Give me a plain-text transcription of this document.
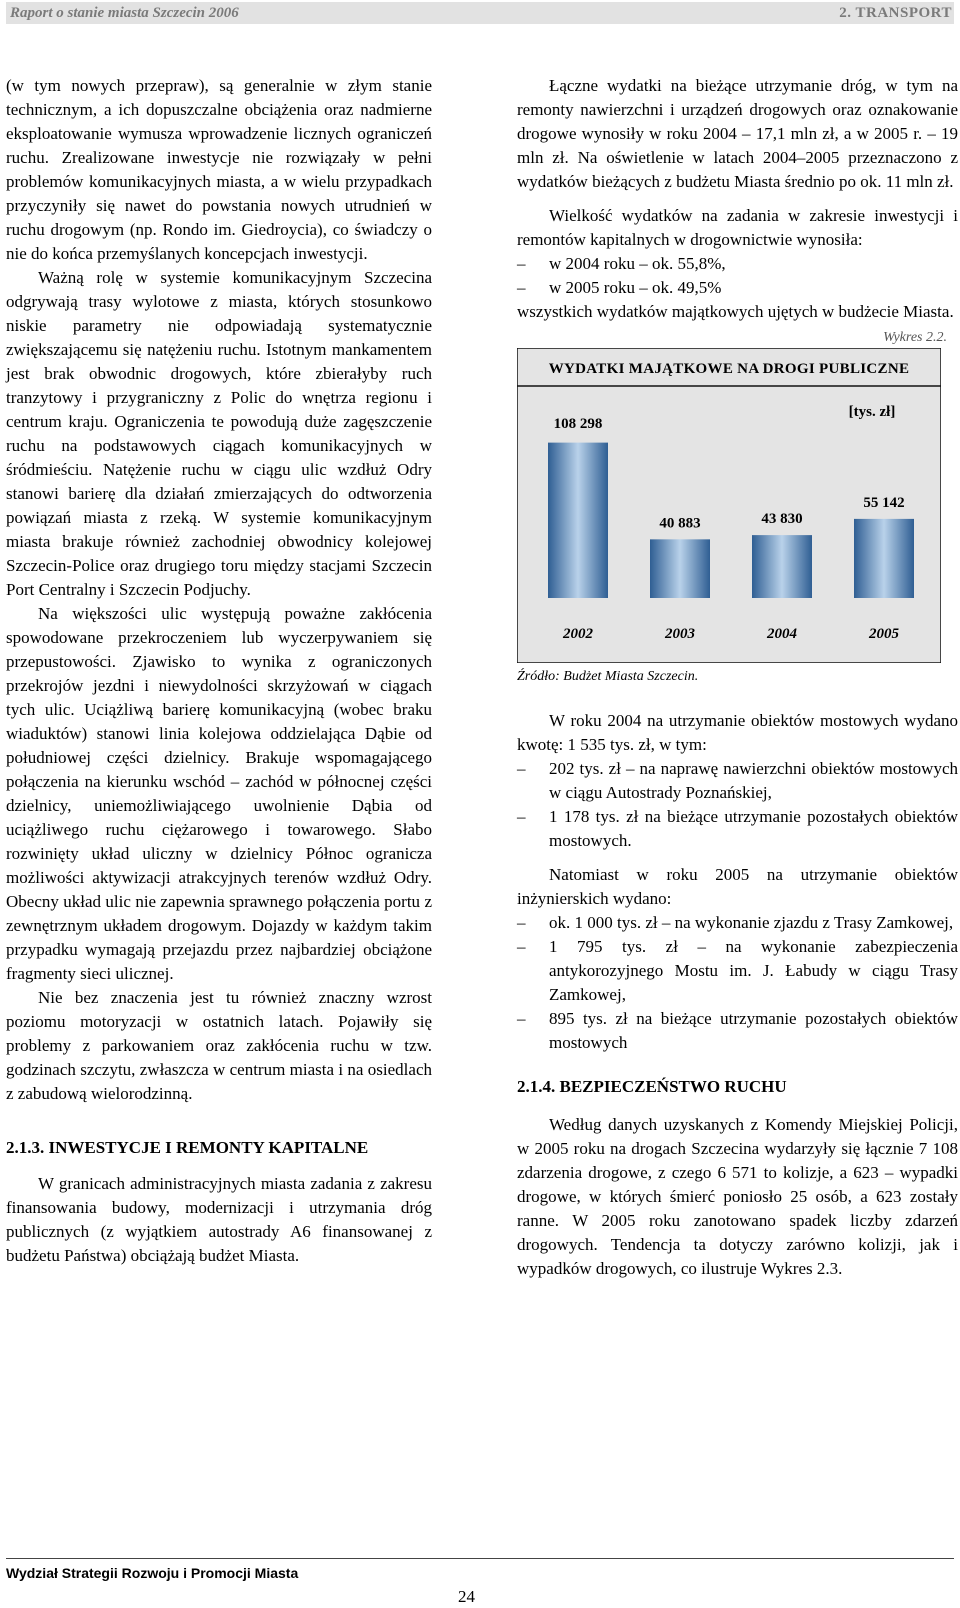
Raport o stanie miasta Szczecin 2006	2. TRANSPORT

(w tym nowych przepraw), są generalnie w złym stanie technicznym, a ich dopuszczalne obciążenia oraz nadmierne eksploatowanie wymusza wprowadzenie licznych ograniczeń ruchu. Zrealizowane inwestycje nie rozwiązały w pełni problemów komunikacyjnych miasta, a w wielu przypadkach przyczyniły się nawet do powstania nowych utrudnień w ruchu drogowym (np. Rondo im. Giedroycia), co świadczy o nie do końca przemyślanych koncepcjach inwestycji.

Ważną rolę w systemie komunikacyjnym Szczecina odgrywają trasy wylotowe z miasta, których stosunkowo niskie parametry nie odpowiadają systematycznie zwiększającemu się natężeniu ruchu. Istotnym mankamentem jest brak obwodnic drogowych, które zbierałyby ruch tranzytowy i przygraniczny z Polic do wnętrza regionu i centrum kraju. Ograniczenia te powodują duże zagęszczenie ruchu na podstawowych ciągach komunikacyjnych w śródmieściu. Natężenie ruchu w ciągu ulic wzdłuż Odry stanowi barierę dla działań zmierzających do odtworzenia powiązań miasta z rzeką. W systemie komunikacyjnym miasta brakuje również zachodniej obwodnicy kolejowej Szczecin-Police oraz drugiego toru między stacjami Szczecin Port Centralny i Szczecin Podjuchy.

Na większości ulic występują poważne zakłócenia spowodowane przekroczeniem lub wyczerpywaniem się przepustowości. Zjawisko to wynika z ograniczonych przekrojów jezdni i niewydolności skrzyżowań w ciągach tych ulic. Uciążliwą barierę komunikacyjną (wobec braku wiaduktów) stanowi linia kolejowa oddzielająca Dąbie od południowej części dzielnicy. Brakuje wspomagającego połączenia na kierunku wschód – zachód w północnej części dzielnicy, uniemożliwiającego uwolnienie Dąbia od uciążliwego ruchu ciężarowego i towarowego. Słabo rozwinięty układ uliczny w dzielnicy Północ ogranicza możliwości aktywizacji atrakcyjnych terenów wzdłuż Odry. Obecny układ ulic nie zapewnia sprawnego połączenia portu z zewnętrznym układem drogowym. Dojazdy w każdym takim przypadku wymagają przejazdu przez najbardziej obciążone fragmenty sieci ulicznej.

Nie bez znaczenia jest tu również znaczny wzrost poziomu motoryzacji w ostatnich latach. Pojawiły się problemy z parkowaniem oraz zakłócenia ruchu w tzw. godzinach szczytu, zwłaszcza w centrum miasta i na osiedlach z zabudową wielorodzinną.

2.1.3. INWESTYCJE I REMONTY KAPITALNE

W granicach administracyjnych miasta zadania z zakresu finansowania budowy, modernizacji i utrzymania dróg publicznych (z wyjątkiem autostrady A6 finansowanej z budżetu Państwa) obciążają budżet Miasta.

Łączne wydatki na bieżące utrzymanie dróg, w tym na remonty nawierzchni i urządzeń drogowych oraz oznakowanie drogowe wynosiły w roku 2004 – 17,1 mln zł, a w 2005 r. – 19 mln zł. Na oświetlenie w latach 2004–2005 przeznaczono z wydatków bieżących z budżetu Miasta średnio po ok. 11 mln zł.

Wielkość wydatków na zadania w zakresie inwestycji i remontów kapitalnych w drogownictwie wynosiła:

– w 2004 roku – ok. 55,8%,
– w 2005 roku – ok. 49,5%

wszystkich wydatków majątkowych ujętych w budżecie Miasta.

Wykres 2.2.
WYDATKI MAJĄTKOWE NA DROGI PUBLICZNE
[tys. zł]
108 298
2002
40 883
2003
43 830
2004
55 142
2005
Źródło: Budżet Miasta Szczecin.

W roku 2004 na utrzymanie obiektów mostowych wydano kwotę: 1 535 tys. zł, w tym:

– 202 tys. zł – na naprawę nawierzchni obiektów mostowych w ciągu Autostrady Poznańskiej,
– 1 178 tys. zł na bieżące utrzymanie pozostałych obiektów mostowych.

Natomiast w roku 2005 na utrzymanie obiektów inżynierskich wydano:

– ok. 1 000 tys. zł – na wykonanie zjazdu z Trasy Zamkowej,
– 1 795 tys. zł – na wykonanie zabezpieczenia antykorozyjnego Mostu im. J. Łabudy w ciągu Trasy Zamkowej,
– 895 tys. zł na bieżące utrzymanie pozostałych obiektów mostowych
2.1.4. BEZPIECZEŃSTWO RUCHU

Według danych uzyskanych z Komendy Miejskiej Policji, w 2005 roku na drogach Szczecina wydarzyły się łącznie 7 108 zdarzenia drogowe, z czego 6 571 to kolizje, a 623 – wypadki drogowe, w których śmierć poniosło 25 osób, a 623 zostały ranne. W 2005 roku zanotowano spadek liczby zdarzeń drogowych. Tendencja ta dotyczy zarówno kolizji, jak i wypadków drogowych, co ilustruje Wykres 2.3.

Wydział Strategii Rozwoju i Promocji Miasta
24
